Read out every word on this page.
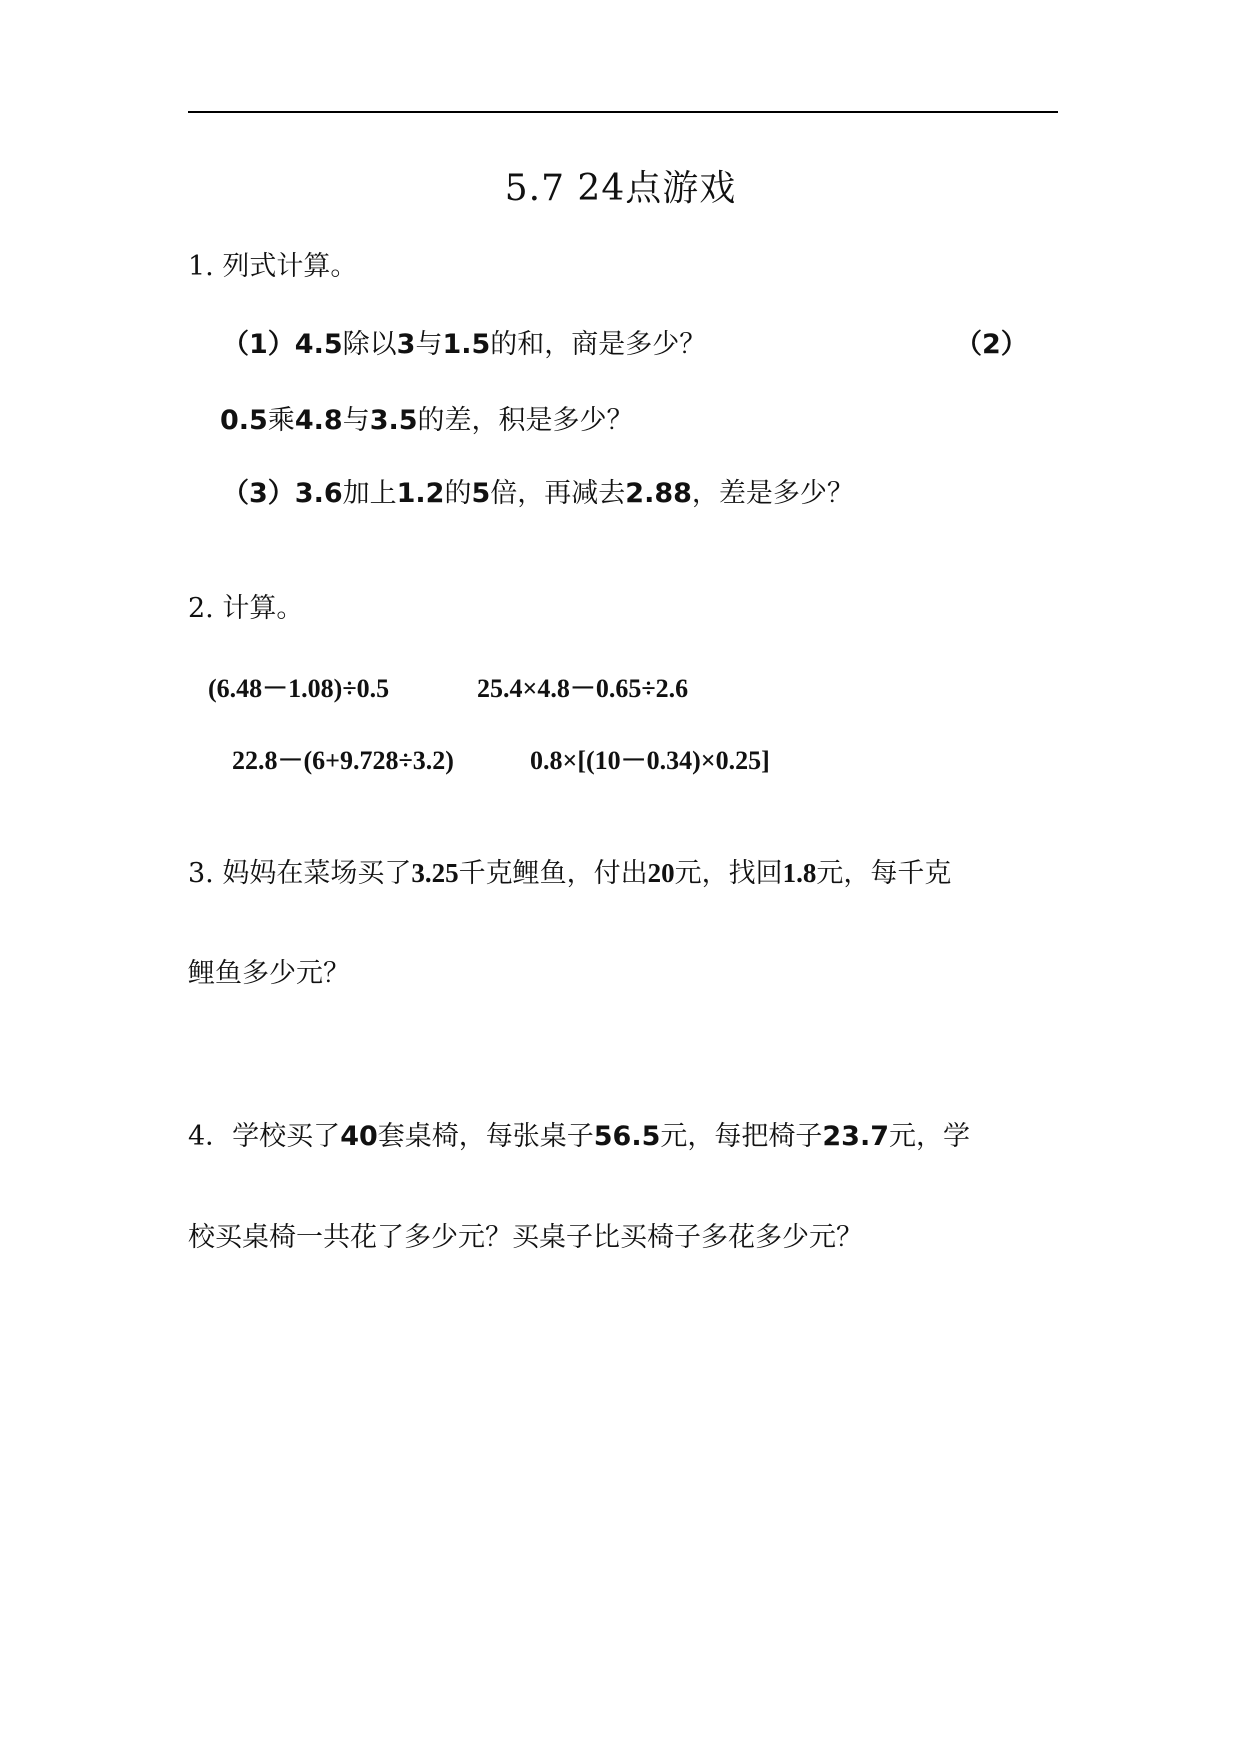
5.7 24点游戏
1. 列式计算。
（1）4.5除以3与1.5的和，商是多少？	（2）
0.5乘4.8与3.5的差，积是多少？
（3）3.6加上1.2的5倍，再减去2.88，差是多少？
2. 计算。
(6.48－1.08)÷0.5	25.4×4.8－0.65÷2.6
22.8－(6+9.728÷3.2)	0.8×[(10－0.34)×0.25]
3. 妈妈在菜场买了3.25千克鲤鱼，付出20元，找回1.8元，每千克
鲤鱼多少元？
4．学校买了40套桌椅，每张桌子56.5元，每把椅子23.7元，学
校买桌椅一共花了多少元？买桌子比买椅子多花多少元？
